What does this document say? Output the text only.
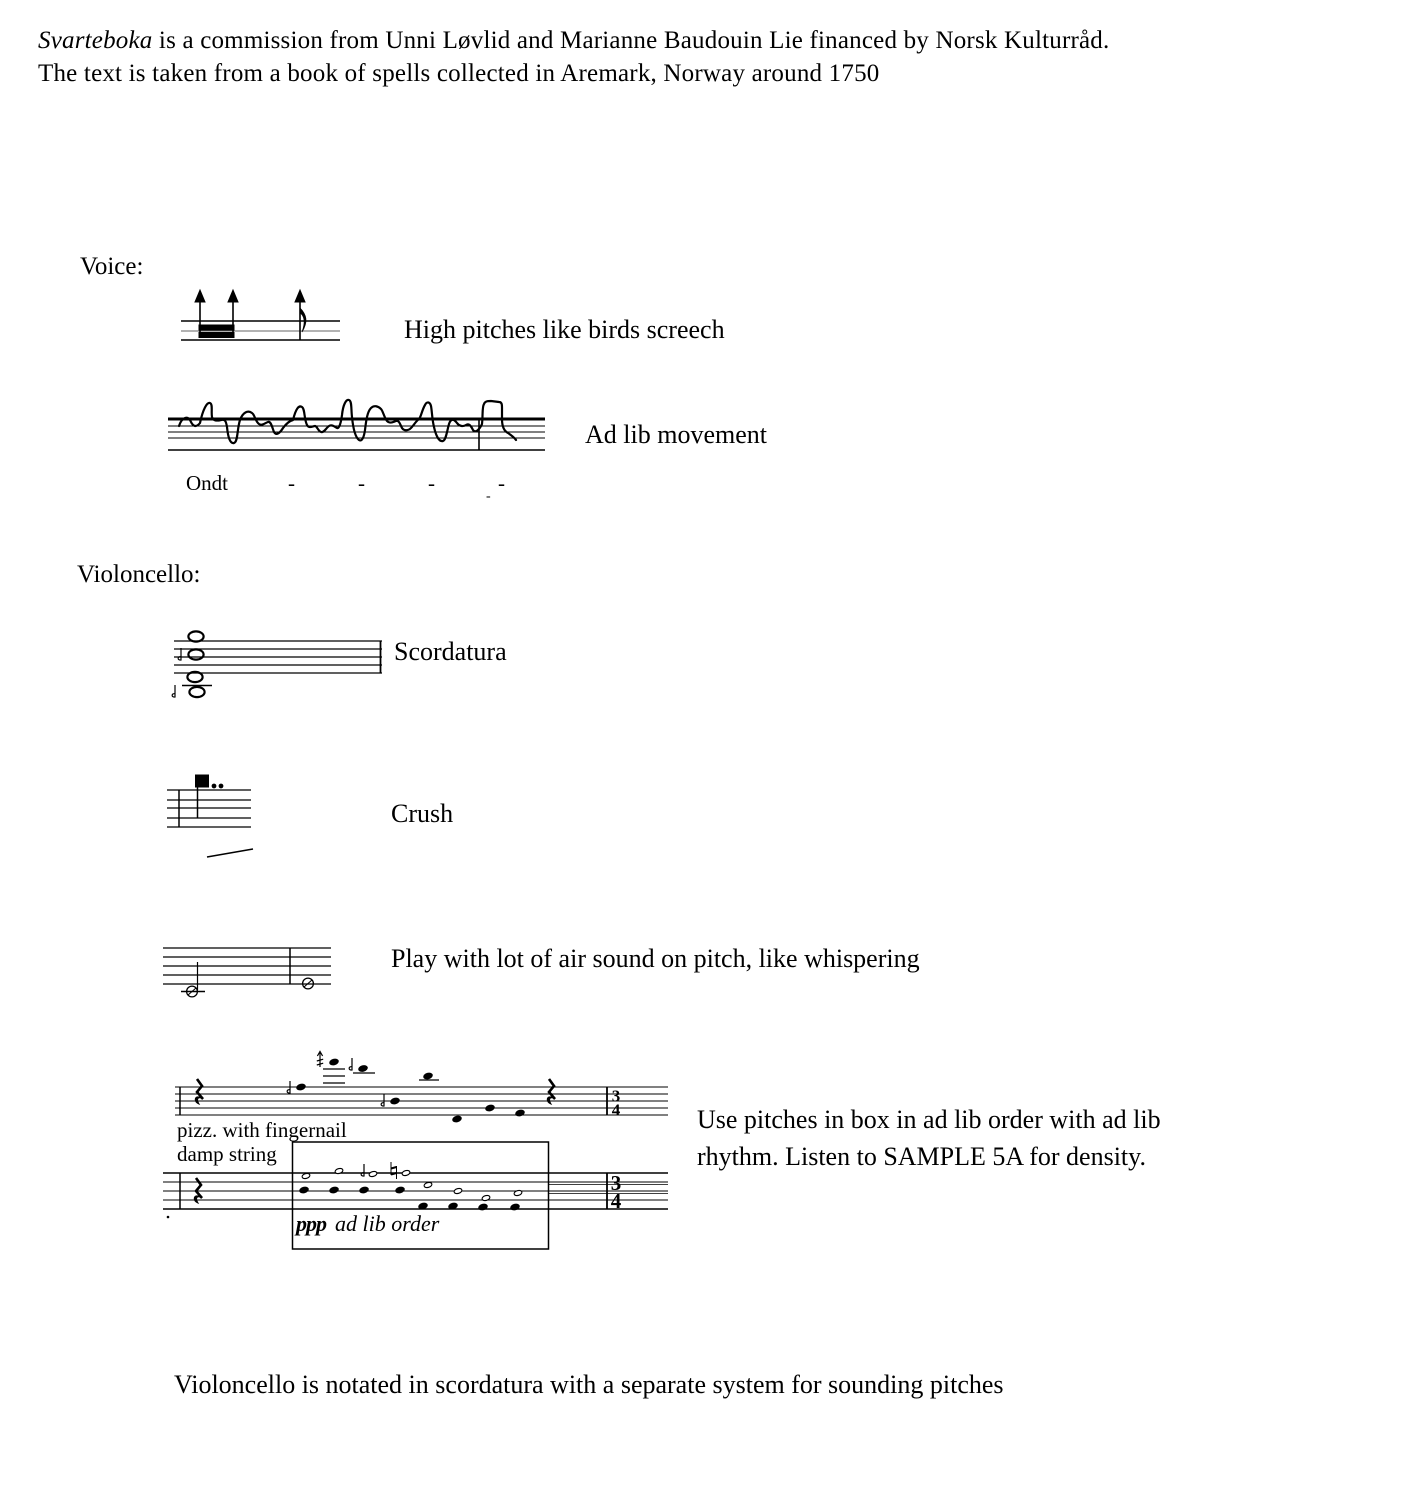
Svarteboka is a commission from Unni Løvlid and Marianne Baudouin Lie financed by Norsk Kulturråd.
The text is taken from a book of spells collected in Aremark, Norway around 1750
Voice:
High pitches like birds screech
Ad lib movement
Ondt	-	-	-	-
-
Violoncello:
Scordatura
Crush
Play with lot of air sound on pitch, like whispering
3
4
3
4
pizz. with fingernail
damp string
ppp ad lib order
Use pitches in box in ad lib order with ad lib
rhythm. Listen to SAMPLE 5A for density.
Violoncello is notated in scordatura with a separate system for sounding pitches
